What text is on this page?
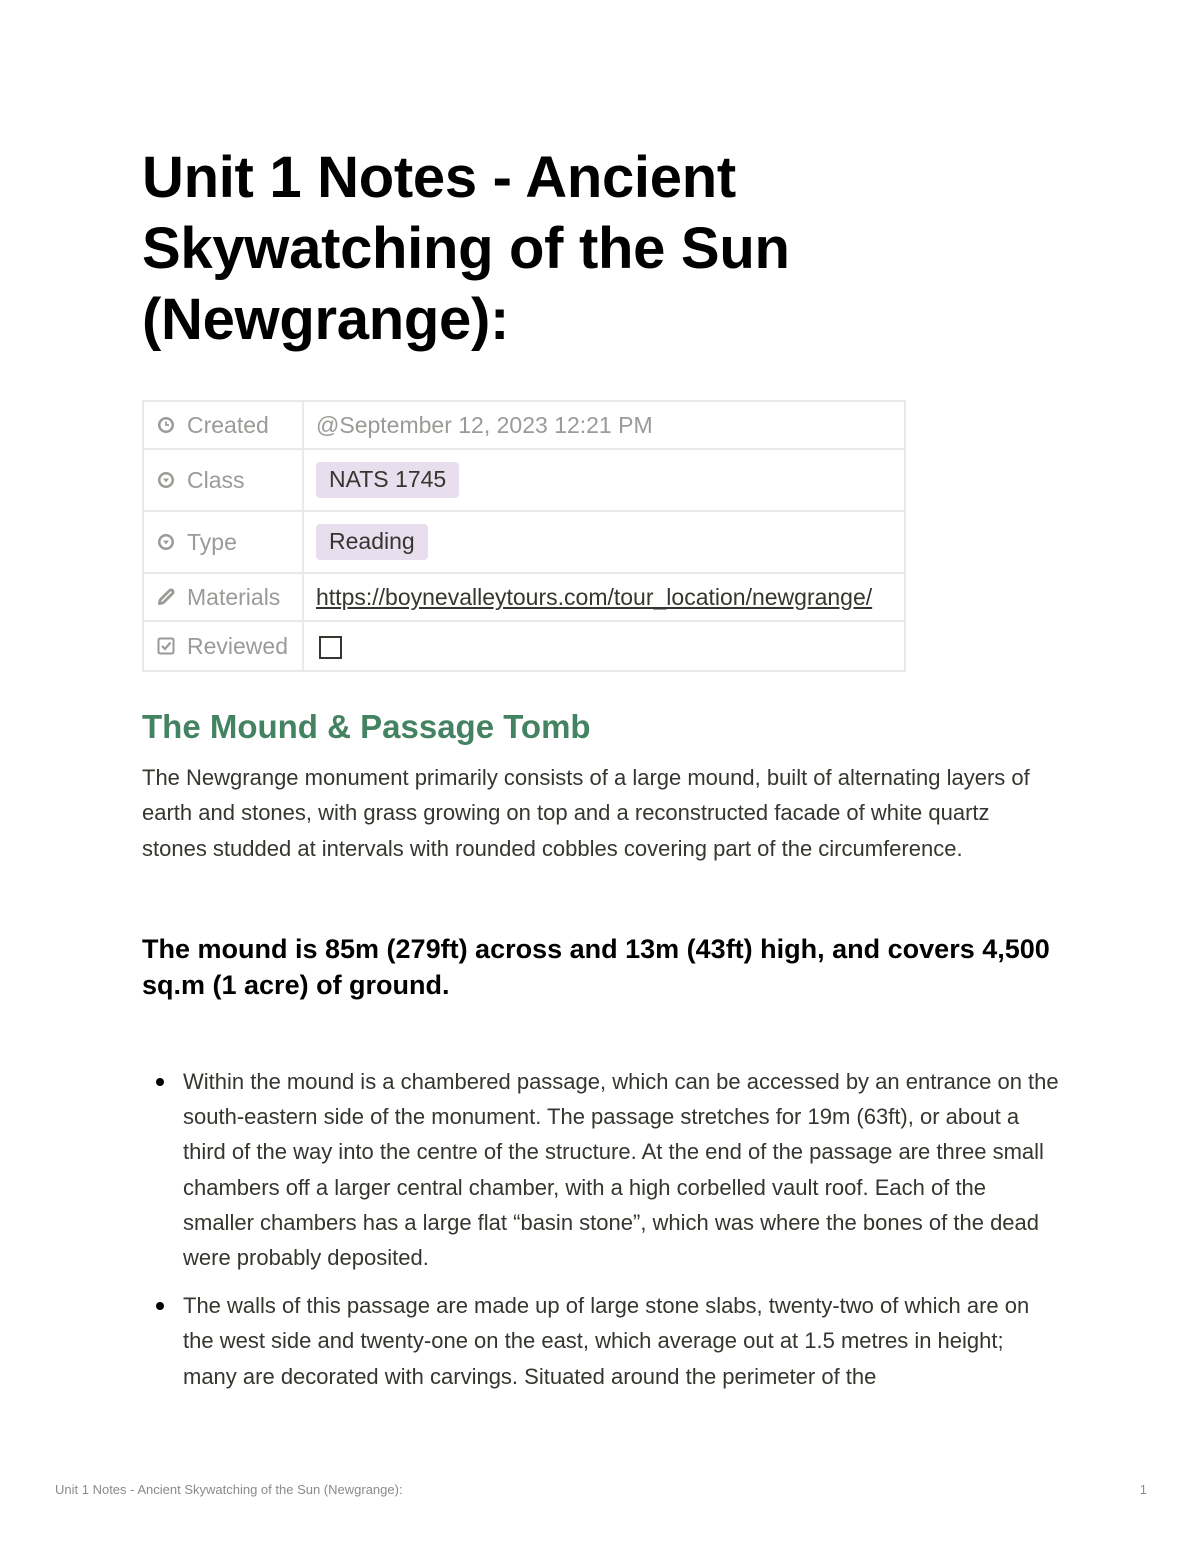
Unit 1 Notes - Ancient Skywatching of the Sun (Newgrange):
Created	@September 12, 2023 12:21 PM

Class	NATS 1745

Type	Reading

Materials	https://boynevalleytours.com/tour_location/newgrange/

Reviewed	

The Mound & Passage Tomb

The Newgrange monument primarily consists of a large mound, built of alternating layers of earth and stones, with grass growing on top and a reconstructed facade of white quartz stones studded at intervals with rounded cobbles covering part of the circumference.

The mound is 85m (279ft) across and 13m (43ft) high, and covers 4,500 sq.m (1 acre) of ground.

Within the mound is a chambered passage, which can be accessed by an entrance on the south-eastern side of the monument. The passage stretches for 19m (63ft), or about a third of the way into the centre of the structure. At the end of the passage are three small chambers off a larger central chamber, with a high corbelled vault roof. Each of the smaller chambers has a large flat “basin stone”, which was where the bones of the dead were probably deposited.
The walls of this passage are made up of large stone slabs, twenty-two of which are on the west side and twenty-one on the east, which average out at 1.5 metres in height; many are decorated with carvings. Situated around the perimeter of the
Unit 1 Notes - Ancient Skywatching of the Sun (Newgrange):	1
